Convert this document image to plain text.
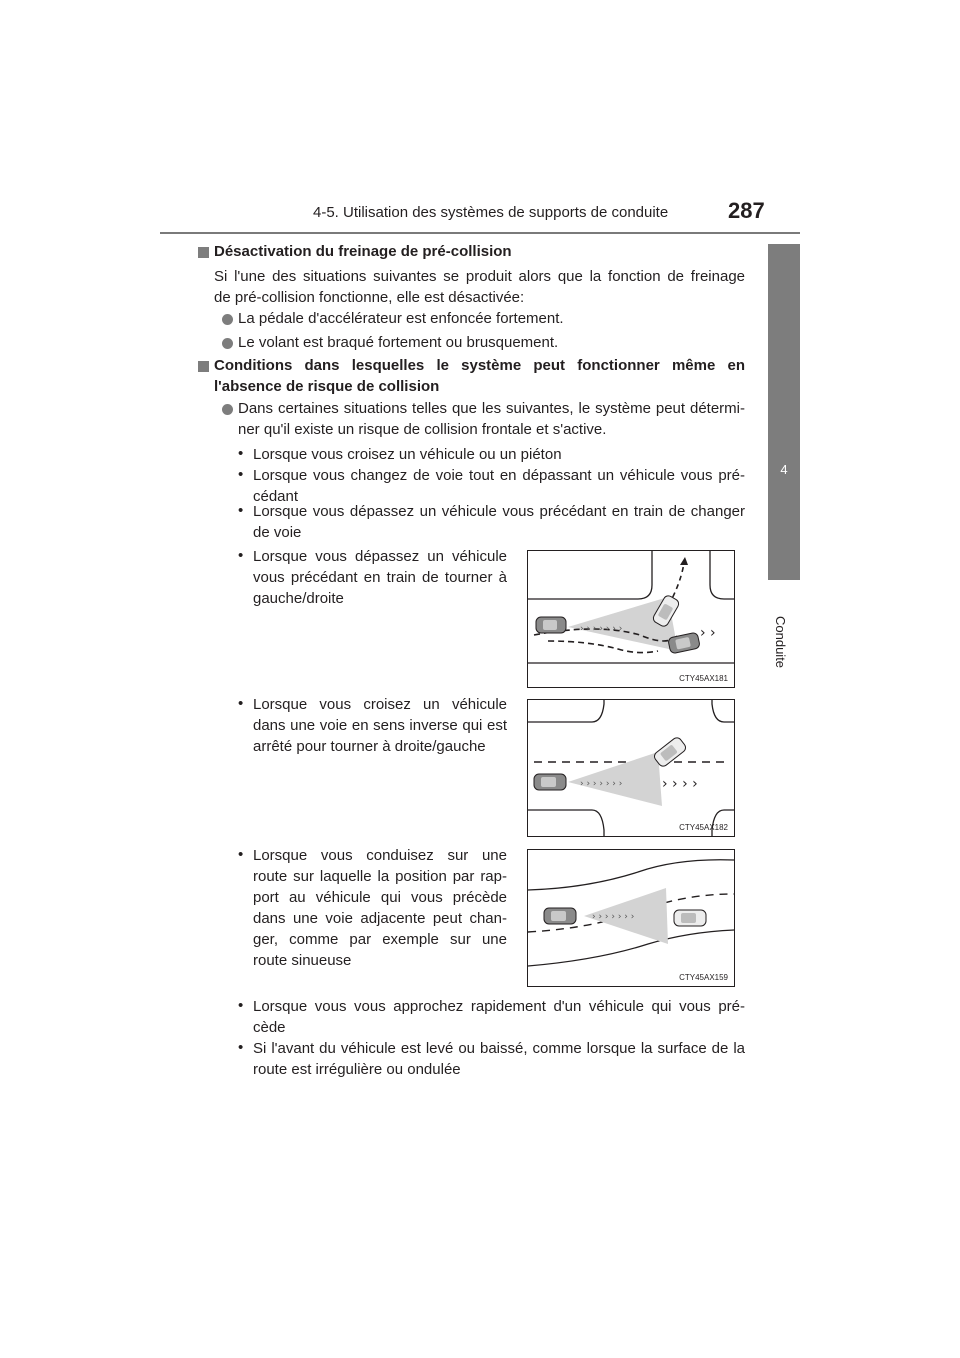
4-5. Utilisation des systèmes de supports de conduite	287
4
Conduite
Désactivation du freinage de pré-collision
Si l'une des situations suivantes se produit alors que la fonction de freinage
de pré-collision fonctionne, elle est désactivée:
La pédale d'accélérateur est enfoncée fortement.
Le volant est braqué fortement ou brusquement.
Conditions dans lesquelles le système peut fonctionner même en
l'absence de risque de collision
Dans certaines situations telles que les suivantes, le système peut détermi-
ner qu'il existe un risque de collision frontale et s'active.
• Lorsque vous croisez un véhicule ou un piéton
• Lorsque vous changez de voie tout en dépassant un véhicule vous pré-
cédant
• Lorsque vous dépassez un véhicule vous précédant en train de changer
de voie
• Lorsque vous dépassez un véhicule
vous précédant en train de tourner à
gauche/droite
› › › › › › ›	› ›
CTY45AX181
• Lorsque vous croisez un véhicule
dans une voie en sens inverse qui est
arrêté pour tourner à droite/gauche
› › › › › › ›	› › › ›
CTY45AX182
• Lorsque vous conduisez sur une
route sur laquelle la position par rap-
port au véhicule qui vous précède
dans une voie adjacente peut chan-
ger, comme par exemple sur une
route sinueuse
› › › › › › ›
CTY45AX159
• Lorsque vous vous approchez rapidement d'un véhicule qui vous pré-
cède
• Si l'avant du véhicule est levé ou baissé, comme lorsque la surface de la
route est irrégulière ou ondulée
